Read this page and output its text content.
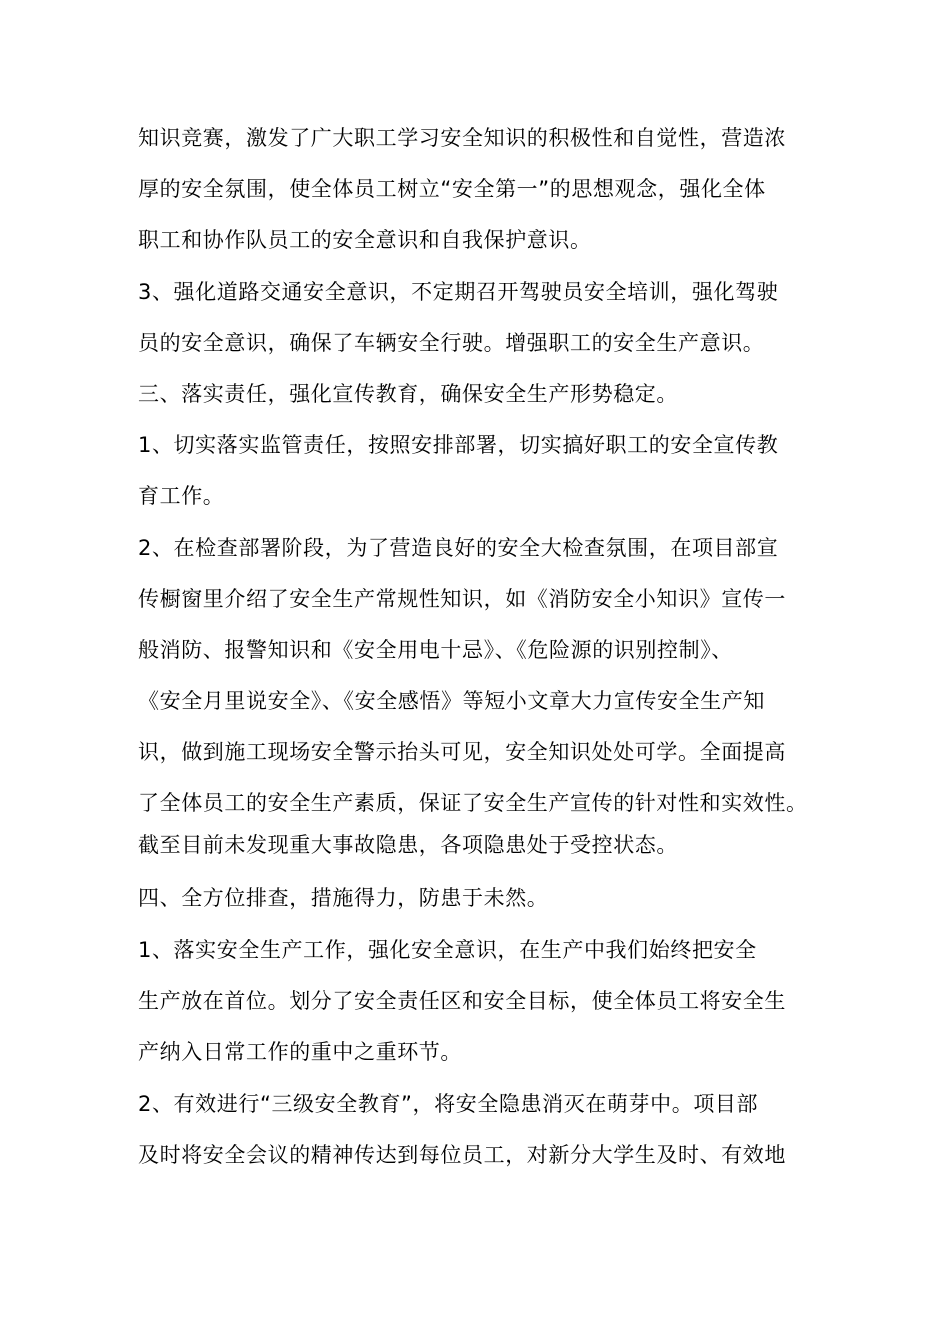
知识竞赛，激发了广大职工学习安全知识的积极性和自觉性，营造浓
厚的安全氛围，使全体员工树立“安全第一”的思想观念，强化全体
职工和协作队员工的安全意识和自我保护意识。
3、强化道路交通安全意识，不定期召开驾驶员安全培训，强化驾驶
员的安全意识，确保了车辆安全行驶。增强职工的安全生产意识。
三、落实责任，强化宣传教育，确保安全生产形势稳定。
1、切实落实监管责任，按照安排部署，切实搞好职工的安全宣传教
育工作。
2、在检查部署阶段，为了营造良好的安全大检查氛围，在项目部宣
传橱窗里介绍了安全生产常规性知识，如《消防安全小知识》宣传一
般消防、报警知识和《安全用电十忌》、《危险源的识别控制》、
《安全月里说安全》、《安全感悟》等短小文章大力宣传安全生产知
识，做到施工现场安全警示抬头可见，安全知识处处可学。全面提高
了全体员工的安全生产素质，保证了安全生产宣传的针对性和实效性。
截至目前未发现重大事故隐患，各项隐患处于受控状态。
四、全方位排查，措施得力，防患于未然。
1、落实安全生产工作，强化安全意识，在生产中我们始终把安全
生产放在首位。划分了安全责任区和安全目标，使全体员工将安全生
产纳入日常工作的重中之重环节。
2、有效进行“三级安全教育”，将安全隐患消灭在萌芽中。项目部
及时将安全会议的精神传达到每位员工，对新分大学生及时、有效地
